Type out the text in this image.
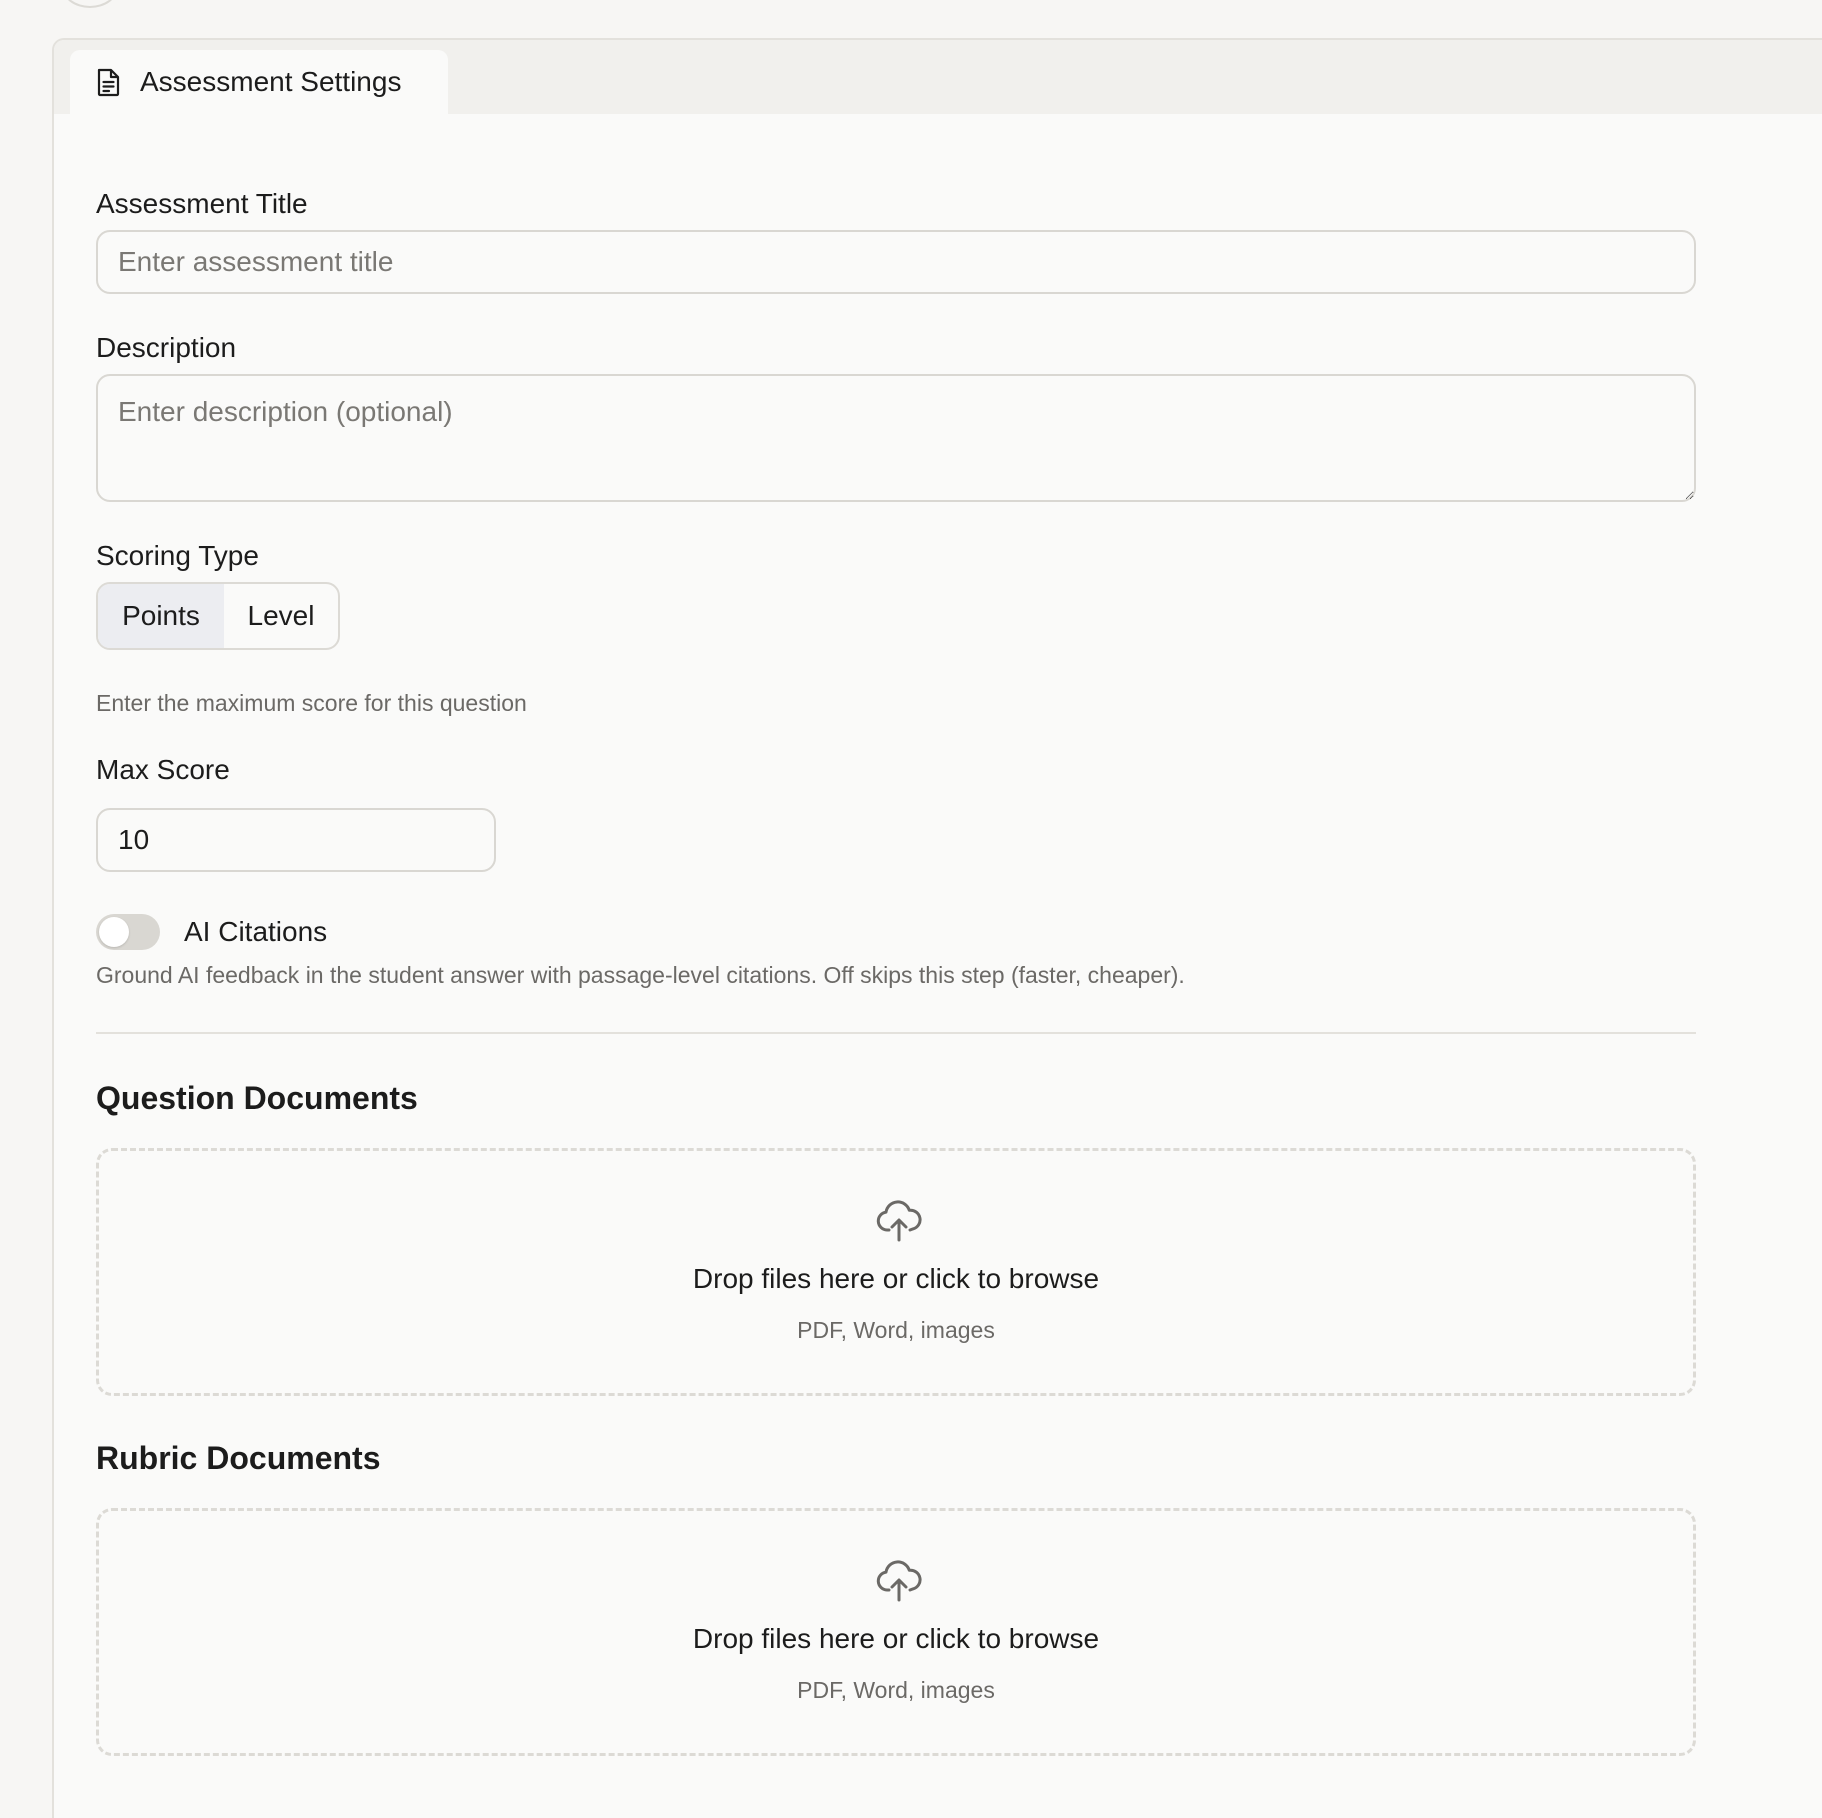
Assessment Settings
Assessment Title
Enter assessment title
Description
Enter description (optional)
Scoring Type
Points	Level
Enter the maximum score for this question
Max Score
10
AI Citations
Ground AI feedback in the student answer with passage-level citations. Off skips this step (faster, cheaper).
Question Documents
Drop files here or click to browse
PDF, Word, images
Rubric Documents
Drop files here or click to browse
PDF, Word, images
